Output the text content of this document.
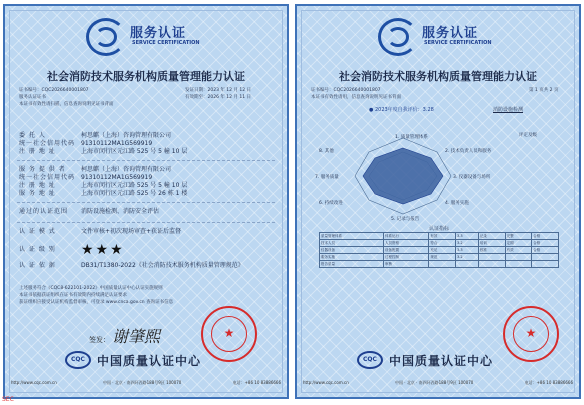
服务认证
SERVICE CERTIFICATION
社会消防技术服务机构质量管理能力认证
证书编号：CQC2026640001807	发证日期：2023 年 12 月 12 日
服务认证证书	有效期至：2026 年 12 月 11 日
本证书有效性请扫描，信息查询说明见证书背面
委 托 人	柯思麒（上海）咨询管理有限公司
统一社会信用代码 91310112MA1G569919
注 册 地 址	上海市闵行区元江路 525 号 5 幢 10 层
服 务 提 供 者	柯思麒（上海）咨询管理有限公司
统一社会信用代码 91310112MA1G569919
注 册 地 址	上海市闵行区元江路 525 号 5 幢 10 层
服 务 地 址	上海市闵行区元江路 525 号 26 栋 1 楼
通过的认证范围 消防设施检测、消防安全评估
认 证 模 式	文件审核+初次现场审查+获证后监督
认 证 级 别	★★★
认 证 依 据	DB31/T1380-2022《社会消防技术服务机构质量管理规范》
上述服务符合《CQC8-622101-2022》中国质量认证中心认证实施规则
本证书依据获证组织在证书有效期内持续满足认证要求
获证组织应接受认证机构监督审核，可登录 www.cnca.gov.cn 查询证书信息
签发： 谢肇熙	★
CQC	中国质量认证中心
http://www.cqc.com.cn	中国 · 北京 · 南四环西路188号9区 100070	电话：+86 10 83886666
服务认证
SERVICE CERTIFICATION
社会消防技术服务机构质量管理能力认证
证书编号：CQC2026640001807	第 1 页共 2 页
本证书有效性请用，信息查询说明见证书背面
● 2023年度自我评价：3.28	消防设施检测
1. 质量管理体系
2. 技术负责人员和服务
3. 仪器设备与场所
4. 服务实施
5. 记录与报告
6. 持续改进
7. 服务质量
8. 其他
评定及级
认证指标
质量管理体系	体系运行	有效	3.3	记录	完整	合格
技术人员	人员资格	符合	3.2	培训	定期	合格
仪器设备	设备配置	充足	3.3	校准	有效	合格
服务实施	过程控制	规范	3.2			
报告质量	审核					
★
CQC	中国质量认证中心
http://www.cqc.com.cn	中国 · 北京 · 南四环西路188号9区 100070	电话：+86 10 83886666
SEC
